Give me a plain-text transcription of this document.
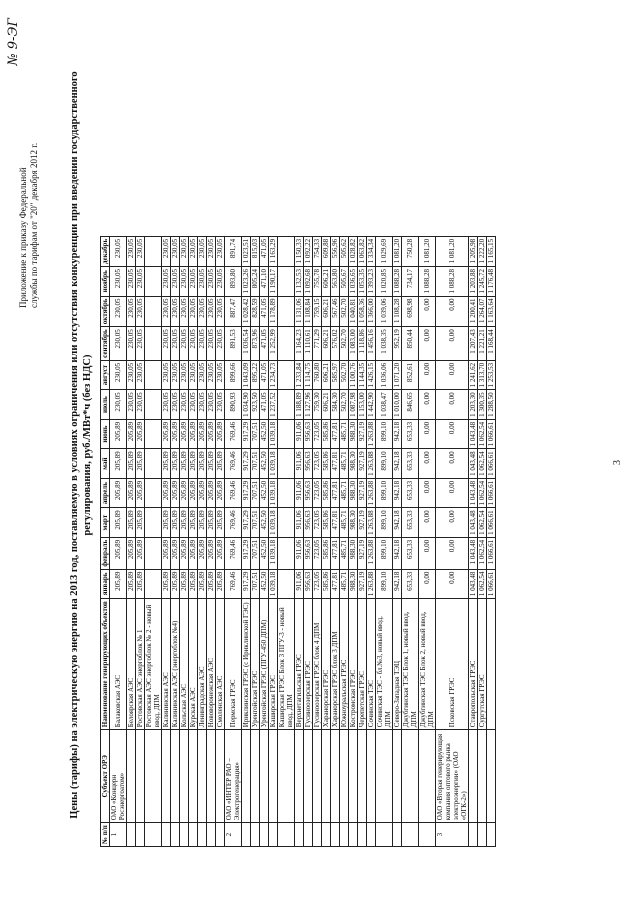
Приложение к приказу Федеральной службы по тарифам от "20" декабря 2012 г.
№ 9-ЭГ
Цены (тарифы) на электрическую энергию на 2013 год, поставляемую в условиях ограничения или отсутствия конкуренции при введении государственного регулирования, руб./МВт*ч (без НДС)
№ п/п	Субъект ОРЭ	Наименование генерирующих объектов	январь	февраль	март	апрель	май	июнь	июль	август	сентябрь	октябрь	ноябрь	декабрь
1	ОАО «Концерн Росэнергоатом»	Балаковская АЭС	205,89	205,89	205,89	205,89	205,89	205,89	230,05	230,05	230,05	230,05	230,05	230,05
		Белоярская АЭС	205,89	205,89	205,89	205,89	205,89	205,89	230,05	230,05	230,05	230,05	230,05	230,05
		Ростовская АЭС энергоблок № 1	205,89	205,89	205,89	205,89	205,89	205,89	230,05	230,05	230,05	230,05	230,05	230,05
		Ростовская АЭС энергоблок № 2 - новый ввод, ДПМ												
		Калининская АЭС	205,89	205,89	205,89	205,89	205,89	205,89	230,05	230,05	230,05	230,05	230,05	230,05
		Калининская АЭС (энергоблок №4)	205,89	205,89	205,89	205,89	205,89	205,89	230,05	230,05	230,05	230,05	230,05	230,05
		Кольская АЭС	205,89	205,89	205,89	205,89	205,89	205,89	230,05	230,05	230,05	230,05	230,05	230,05
		Курская АЭС	205,89	205,89	205,89	205,89	205,89	205,89	230,05	230,05	230,05	230,05	230,05	230,05
		Ленинградская АЭС	205,89	205,89	205,89	205,89	205,89	205,89	230,05	230,05	230,05	230,05	230,05	230,05
		Нововоронежская АЭС	205,89	205,89	205,89	205,89	205,89	205,89	230,05	230,05	230,05	230,05	230,05	230,05
		Смоленская АЭС	205,89	205,89	205,89	205,89	205,89	205,89	230,05	230,05	230,05	230,05	230,05	230,05
2	ОАО «ИНТЕР РАО – Электрогенерация»	Пермская ГРЭС	769,46	769,46	769,46	769,46	769,46	769,46	890,93	899,66	891,53	887,47	893,80	891,74
		Ириклинская ГРЭС (с Ириклинской ГЭС)	917,29	917,29	917,29	917,29	917,29	917,29	1 034,90	1 043,09	1 036,54	1 028,42	1 023,26	1 023,51
		Уренгойская ГРЭС	707,51	707,51	707,51	707,51	707,51	707,51	923,50	895,22	873,96	828,59	805,24	815,03
		Уренгойская ГРЭС (ПГУ-450 ДПМ)	452,50	452,50	452,50	452,50	452,50	452,50	471,05	471,05	471,05	471,05	471,10	471,05
		Каширская ГРЭС	1 039,18	1 039,18	1 039,18	1 039,18	1 039,18	1 039,18	1 237,52	1 234,73	1 252,99	1 178,89	1 190,17	1 163,29
		Каширская ГРЭС Блок 3 ПГУ-3 - новый ввод, ДПМ												
		Верхнетагильская ГРЭС	911,06	911,06	911,06	911,06	911,06	911,06	1 188,89	1 233,84	1 164,23	1 131,06	1 132,53	1 150,33
		Гусиноозерская ГРЭС	956,63	956,63	956,63	956,63	956,63	956,63	1 127,96	1 114,75	1 110,61	1 108,84	1 092,68	1 092,22
		Гусиноозерская ГРЭС блок 4 ДПМ	723,05	723,05	723,05	723,05	723,05	723,05	759,30	760,80	771,29	759,15	755,78	754,33
		Харанорская ГРЭС	585,86	585,86	585,86	585,86	585,86	585,86	606,21	606,21	606,21	606,21	606,21	609,88
		Харанорская ГРЭС блок 3 ДПМ	477,81	477,81	477,81	477,81	477,81	477,81	584,30	585,97	576,02	567,46	563,80	556,96
		Южноуральская ГРЭС	485,71	485,71	485,71	485,71	485,71	485,71	502,70	502,70	502,70	502,70	505,67	505,62
		Костромская ГРЭС	988,30	988,30	988,30	988,30	988,30	988,30	1 087,98	1 100,76	1 083,00	1 040,81	1 036,65	1 028,82
		Черепетская ГРЭС	927,19	927,19	927,19	927,19	927,19	927,19	1 153,00	1 144,35	1 118,86	1 058,36	1 053,35	1 063,82
		Сочинская ТЭС	1 263,88	1 263,88	1 263,88	1 263,88	1 263,88	1 263,88	1 442,90	1 426,15	1 456,16	1 366,00	1 393,23	1 334,34
		Сочинская ТЭС - бл.№3, новый ввод, ДПМ	899,10	899,10	899,10	899,10	899,10	899,10	1 038,47	1 036,06	1 038,35	1 039,06	1 020,85	1 029,69
		Северо-Западная ТЭЦ	942,18	942,18	942,18	942,18	942,18	942,18	1 010,00	1 071,20	952,19	1 108,28	1 088,28	1 081,20
		Джубгинская ТЭС Блок 1, новый ввод, ДПМ	653,33	653,33	653,33	653,33	653,33	653,33	846,65	852,61	850,44	698,98	734,17	750,28
		Джубгинская ТЭС Блок 2, новый ввод, ДПМ	0,00	0,00	0,00	0,00	0,00	0,00	0,00	0,00	0,00	0,00	1 088,28	1 081,20
3	ОАО «Вторая генерирующая компания оптового рынка электроэнергии» (ОАО «ОГК-2»)	Псковская ГРЭС	0,00	0,00	0,00	0,00	0,00	0,00	0,00	0,00	0,00	0,00	1 088,28	1 081,20
		Ставропольская ГРЭС	1 043,48	1 043,48	1 043,48	1 043,48	1 043,48	1 043,48	1 203,30	1 241,62	1 207,43	1 200,41	1 203,88	1 205,98
		Сургутская ГРЭС	1 062,54	1 062,54	1 062,54	1 062,54	1 062,54	1 062,54	1 300,35	1 313,70	1 221,21	1 264,07	1 245,72	1 222,20
			1 066,61	1 066,61	1 066,61	1 066,61	1 066,61	1 066,61	1 288,50	1 253,53	1 168,44	1 163,64	1 176,48	1 165,15
3
